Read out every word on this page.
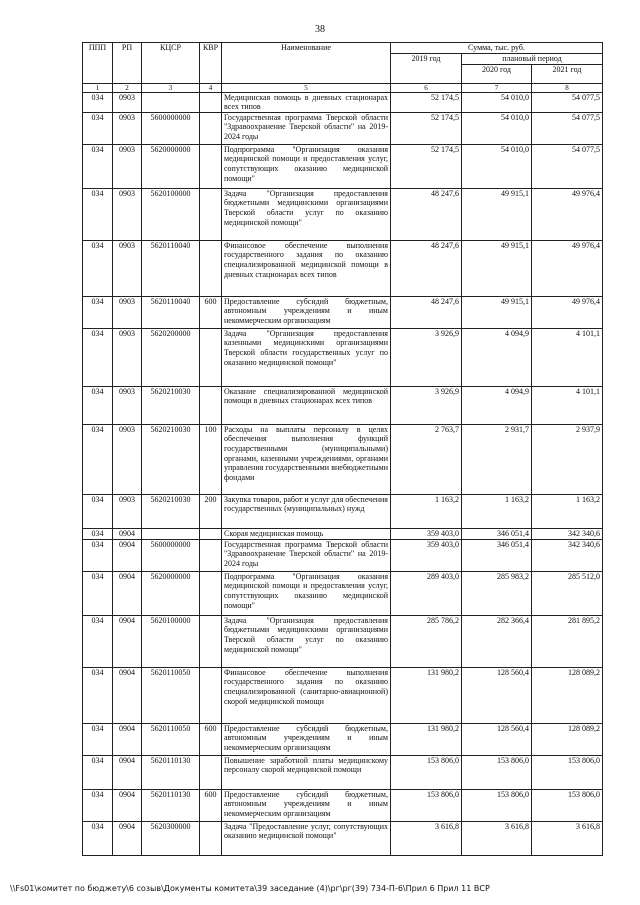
38
ППП	РП	КЦСР	КВР	Наименование	Сумма, тыс. руб.		
					2019 год	плановый период	
						2020 год	2021 год
1	2	3	4	5	6	7	8
034	0903			Медицинская помощь в дневных стационарах всех типов	52 174,5	54 010,0	54 077,5
034	0903	5600000000		Государственная программа Тверской области "Здравоохранение Тверской области" на 2019-2024 годы	52 174,5	54 010,0	54 077,5
034	0903	5620000000		Подпрограмма "Организация оказания медицинской помощи и предоставления услуг, сопутствующих оказанию медицинской помощи"	52 174,5	54 010,0	54 077,5
034	0903	5620100000		Задача "Организация предоставления бюджетными медицинскими организациями Тверской области услуг по оказанию медицинской помощи"	48 247,6	49 915,1	49 976,4
034	0903	5620110040		Финансовое обеспечение выполнения государственного задания по оказанию специализированной медицинской помощи в дневных стационарах всех типов	48 247,6	49 915,1	49 976,4
034	0903	5620110040	600	Предоставление субсидий бюджетным, автономным учреждениям и иным некоммерческим организациям	48 247,6	49 915,1	49 976,4
034	0903	5620200000		Задача "Организация предоставления казенными медицинскими организациями Тверской области государственных услуг по оказанию медицинской помощи"	3 926,9	4 094,9	4 101,1
034	0903	5620210030		Оказание специализированной медицинской помощи в дневных стационарах всех типов	3 926,9	4 094,9	4 101,1
034	0903	5620210030	100	Расходы на выплаты персоналу в целях обеспечения выполнения функций государственными (муниципальными) органами, казенными учреждениями, органами управления государственными внебюджетными фондами	2 763,7	2 931,7	2 937,9
034	0903	5620210030	200	Закупка товаров, работ и услуг для обеспечения государственных (муниципальных) нужд	1 163,2	1 163,2	1 163,2
034	0904			Скорая медицинская помощь	359 403,0	346 051,4	342 340,6
034	0904	5600000000		Государственная программа Тверской области "Здравоохранение Тверской области" на 2019-2024 годы	359 403,0	346 051,4	342 340,6
034	0904	5620000000		Подпрограмма "Организация оказания медицинской помощи и предоставления услуг, сопутствующих оказанию медицинской помощи"	289 403,0	285 983,2	285 512,0
034	0904	5620100000		Задача "Организация предоставления бюджетными медицинскими организациями Тверской области услуг по оказанию медицинской помощи"	285 786,2	282 366,4	281 895,2
034	0904	5620110050		Финансовое обеспечение выполнения государственного задания по оказанию специализированной (санитарно-авиационной) скорой медицинской помощи	131 980,2	128 560,4	128 089,2
034	0904	5620110050	600	Предоставление субсидий бюджетным, автономным учреждениям и иным некоммерческим организациям	131 980,2	128 560,4	128 089,2
034	0904	5620110130		Повышение заработной платы медицинскому персоналу скорой медицинской помощи	153 806,0	153 806,0	153 806,0
034	0904	5620110130	600	Предоставление субсидий бюджетным, автономным учреждениям и иным некоммерческим организациям	153 806,0	153 806,0	153 806,0
034	0904	5620300000		Задача "Предоставление услуг, сопутствующих оказанию медицинской помощи"	3 616,8	3 616,8	3 616,8
\\Fs01\комитет по бюджету\6 созыв\Документы комитета\39 заседание (4)\рг\рг(39) 734-П-6\Прил 6 Прил 11 ВСР
